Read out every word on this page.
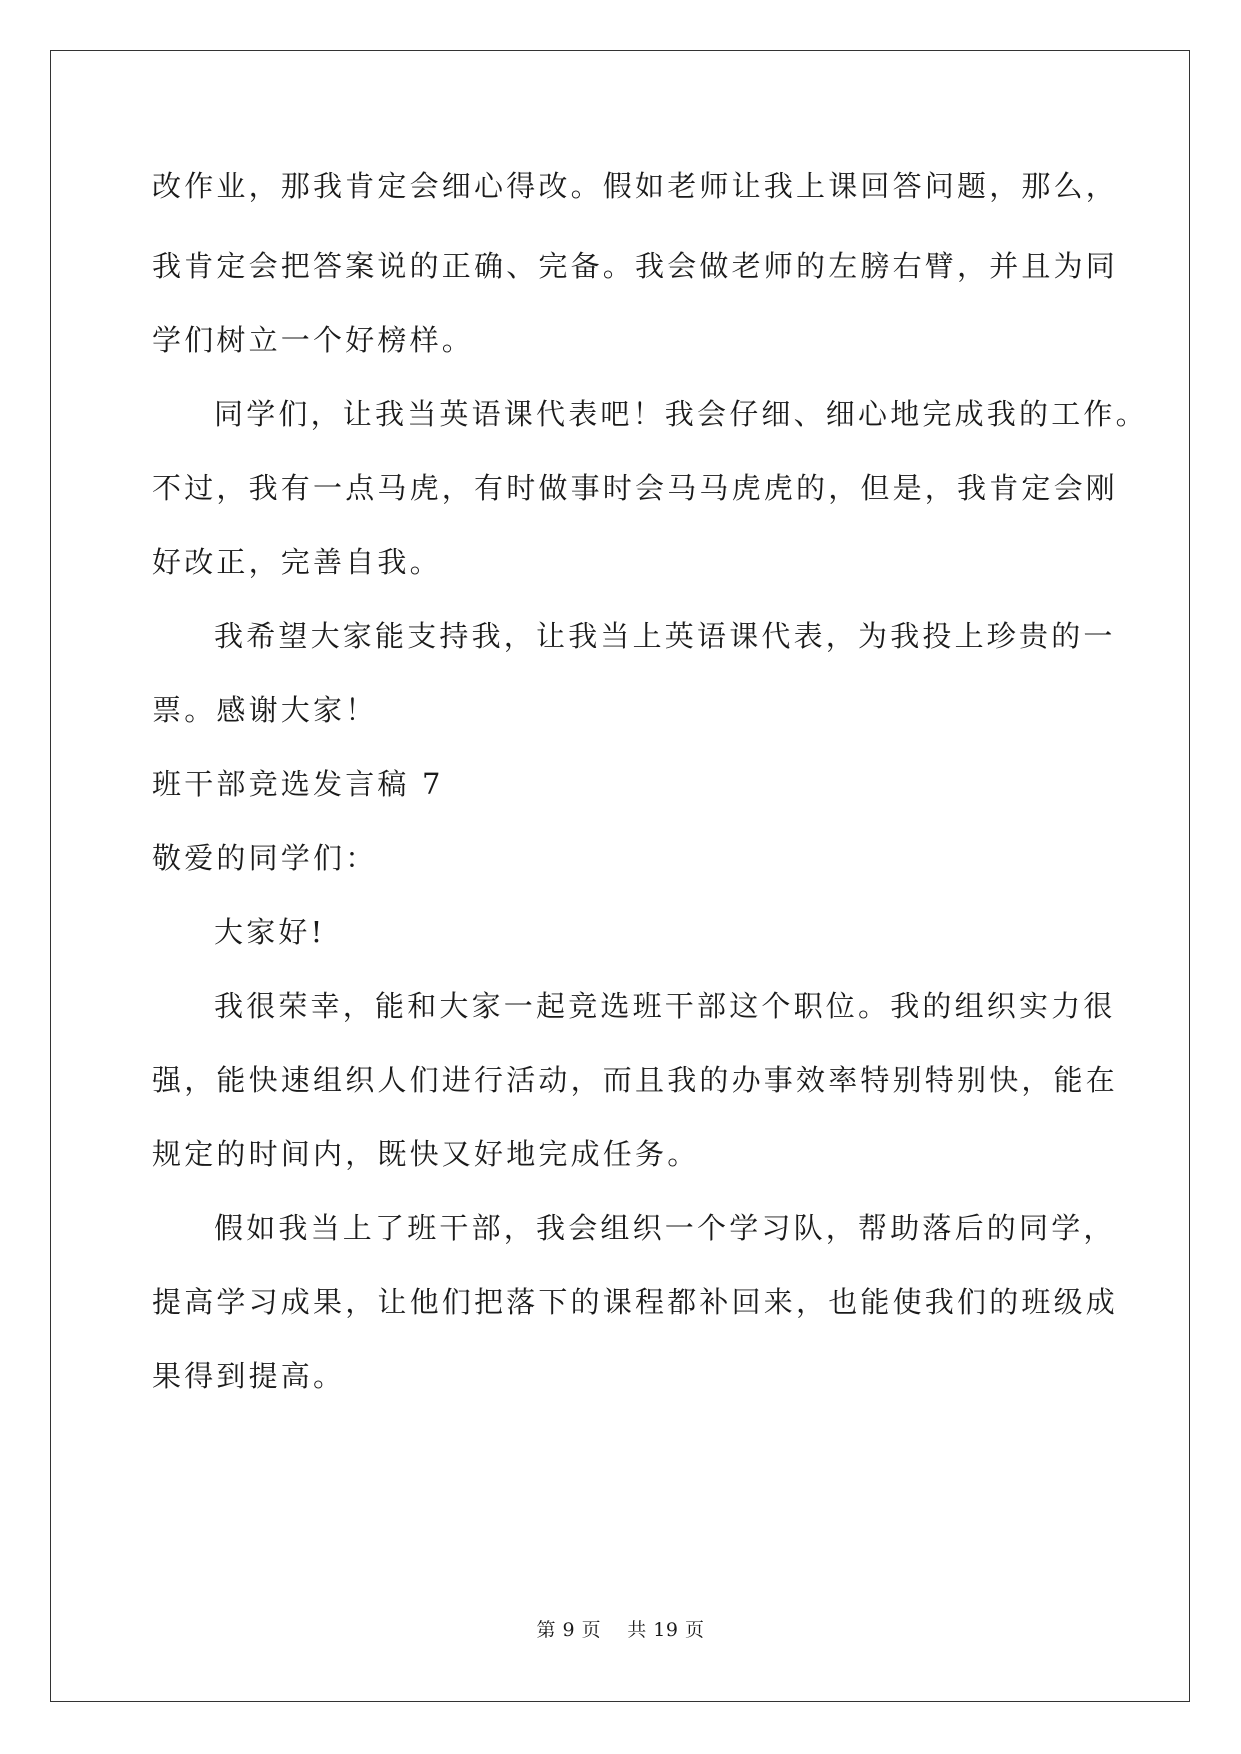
改作业，那我肯定会细心得改。假如老师让我上课回答问题，那么，
我肯定会把答案说的正确、完备。我会做老师的左膀右臂，并且为同
学们树立一个好榜样。
同学们，让我当英语课代表吧！我会仔细、细心地完成我的工作。
不过，我有一点马虎，有时做事时会马马虎虎的，但是，我肯定会刚
好改正，完善自我。
我希望大家能支持我，让我当上英语课代表，为我投上珍贵的一
票。感谢大家！
班干部竞选发言稿 7
敬爱的同学们：
大家好!
我很荣幸，能和大家一起竞选班干部这个职位。我的组织实力很
强，能快速组织人们进行活动，而且我的办事效率特别特别快，能在
规定的时间内，既快又好地完成任务。
假如我当上了班干部，我会组织一个学习队，帮助落后的同学，
提高学习成果，让他们把落下的课程都补回来，也能使我们的班级成
果得到提高。
第 9 页　 共 19 页
